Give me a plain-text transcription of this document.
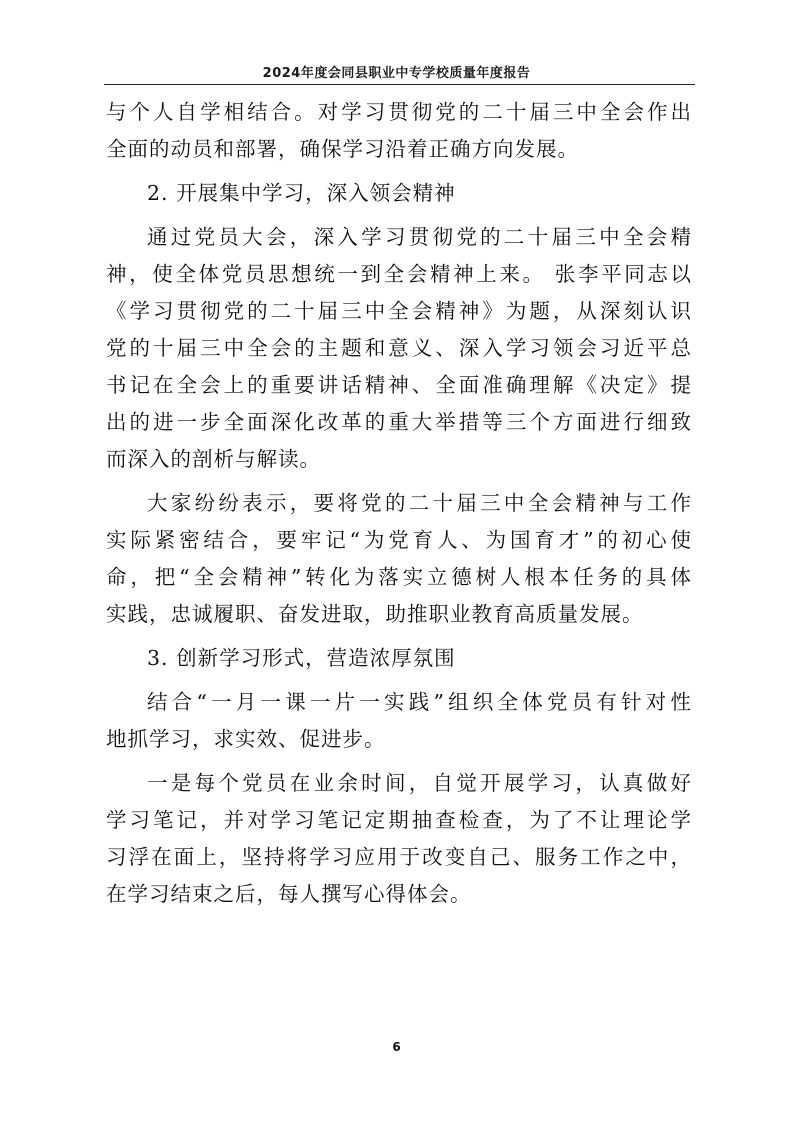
2024年度会同县职业中专学校质量年度报告
与个人自学相结合。对学习贯彻党的二十届三中全会作出
全面的动员和部署，确保学习沿着正确方向发展。
2. 开展集中学习，深入领会精神
通过党员大会，深入学习贯彻党的二十届三中全会精
神，使全体党员思想统一到全会精神上来。 张李平同志以
《学习贯彻党的二十届三中全会精神》为题，从深刻认识
党的十届三中全会的主题和意义、深入学习领会习近平总
书记在全会上的重要讲话精神、全面准确理解《决定》提
出的进一步全面深化改革的重大举措等三个方面进行细致
而深入的剖析与解读。
大家纷纷表示，要将党的二十届三中全会精神与工作
实际紧密结合，要牢记“为党育人、为国育才”的初心使
命，把“全会精神”转化为落实立德树人根本任务的具体
实践，忠诚履职、奋发进取，助推职业教育高质量发展。
3. 创新学习形式，营造浓厚氛围
结合“一月一课一片一实践”组织全体党员有针对性
地抓学习，求实效、促进步。
一是每个党员在业余时间，自觉开展学习，认真做好
学习笔记，并对学习笔记定期抽查检查，为了不让理论学
习浮在面上，坚持将学习应用于改变自己、服务工作之中，
在学习结束之后，每人撰写心得体会。
6
